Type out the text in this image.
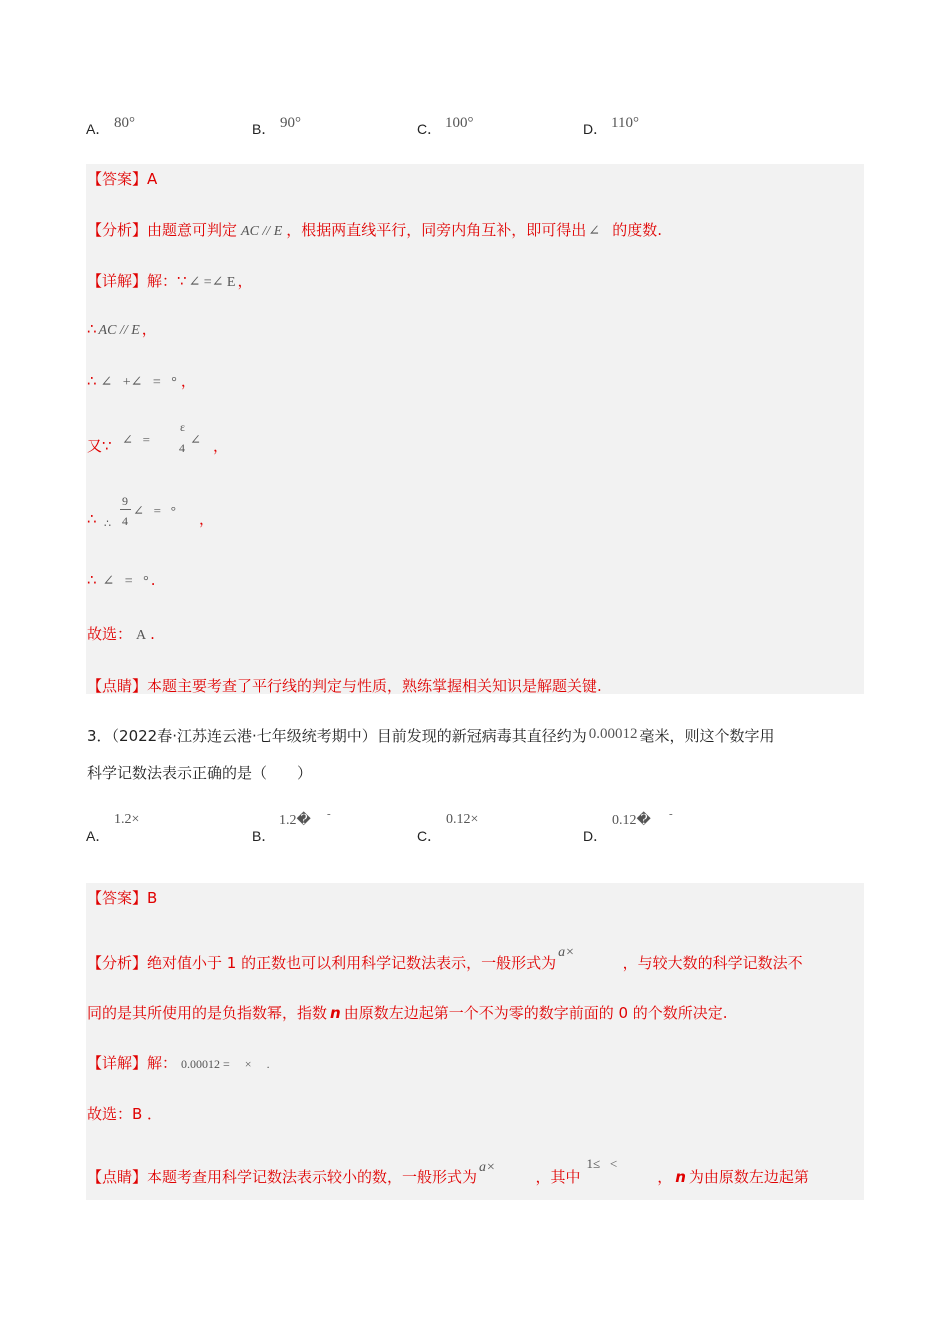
A． 80°	B． 90°	C． 100°	D． 110°
【答案】A
【分析】由题意可判定 AC // E ，根据两直线平行，同旁内角互补，即可得出 ∠ 的度数.
【详解】解：∵ ∠ =∠ E ，
∴ AC // E ，
∴ ∠   +∠   =   ° ，
又∵ ∠   =
ε
4
∠ ，
∴
9
4
∴
∠   =   ° ，
∴ ∠   =   ° .
故选： A .
【点睛】本题主要考查了平行线的判定与性质，熟练掌握相关知识是解题关键.
3．（2022春·江苏连云港·七年级统考期中）目前发现的新冠病毒其直径约为 0.00012 毫米，则这个数字用
科学记数法表示正确的是（　　）
A．
1.2×
B．
1.2� -
C．
0.12×
D．
0.12� -
【答案】B
【分析】绝对值小于 1 的正数也可以利用科学记数法表示，一般形式为a×，与较大数的科学记数法不
同的是其所使用的是负指数幂，指数 n 由原数左边起第一个不为零的数字前面的 0 的个数所决定.
【详解】解： 0.00012 =     ×     .
故选：B ．
【点睛】本题考查用科学记数法表示较小的数，一般形式为a×，其中1≤   <， n 为由原数左边起第
